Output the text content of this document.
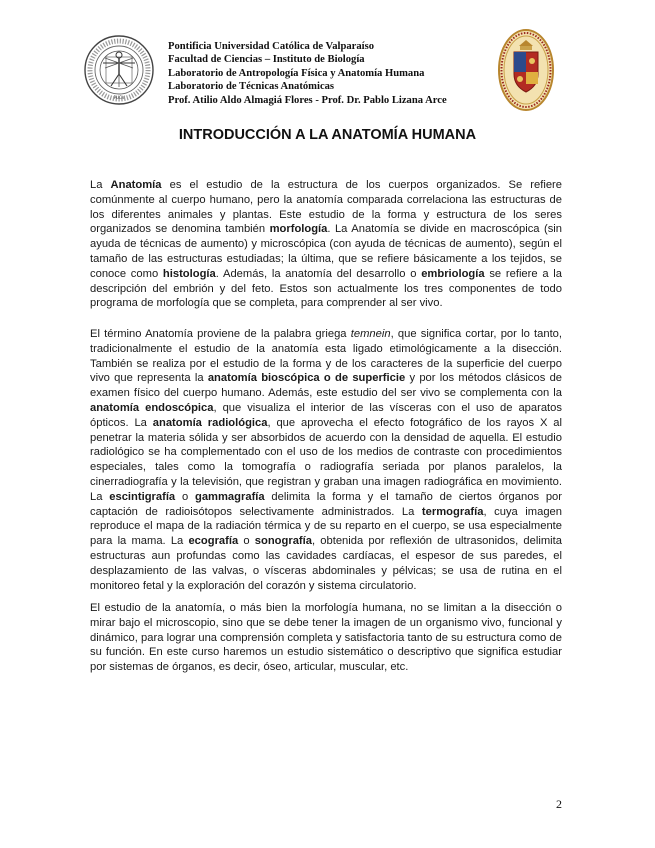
PUCV
Pontificia Universidad Católica de Valparaíso
Facultad de Ciencias – Instituto de Biología
Laboratorio de Antropología Física y Anatomía Humana
Laboratorio de Técnicas Anatómicas
Prof. Atilio Aldo Almagiá Flores - Prof. Dr. Pablo Lizana Arce
INTRODUCCIÓN A LA ANATOMÍA HUMANA
La Anatomía es el estudio de la estructura de los cuerpos organizados. Se refiere comúnmente al cuerpo humano, pero la anatomía comparada correlaciona las estructuras de los diferentes animales y plantas. Este estudio de la forma y estructura de los seres organizados se denomina también morfología. La Anatomía se divide en macroscópica (sin ayuda de técnicas de aumento) y microscópica (con ayuda de técnicas de aumento), según el tamaño de las estructuras estudiadas; la última, que se refiere básicamente a los tejidos, se conoce como histología. Además, la anatomía del desarrollo o embriología se refiere a la descripción del embrión y del feto. Estos son actualmente los tres componentes de todo programa de morfología que se completa, para comprender al ser vivo.
El término Anatomía proviene de la palabra griega temnein, que significa cortar, por lo tanto, tradicionalmente el estudio de la anatomía esta ligado etimológicamente a la disección. También se realiza por el estudio de la forma y de los caracteres de la superficie del cuerpo vivo que representa la anatomía bioscópica o de superficie y por los métodos clásicos de examen físico del cuerpo humano. Además, este estudio del ser vivo se complementa con la anatomía endoscópica, que visualiza el interior de las vísceras con el uso de aparatos ópticos. La anatomía radiológica, que aprovecha el efecto fotográfico de los rayos X al penetrar la materia sólida y ser absorbidos de acuerdo con la densidad de aquella. El estudio radiológico se ha complementado con el uso de los medios de contraste con procedimientos especiales, tales como la tomografía o radiografía seriada por planos paralelos, la cinerradiografía y la televisión, que registran y graban una imagen radiográfica en movimiento. La escintigrafía o gammagrafía delimita la forma y el tamaño de ciertos órganos por captación de radioisótopos selectivamente administrados. La termografía, cuya imagen reproduce el mapa de la radiación térmica y de su reparto en el cuerpo, se usa especialmente para la mama. La ecografía o sonografía, obtenida por reflexión de ultrasonidos, delimita estructuras aun profundas como las cavidades cardíacas, el espesor de sus paredes, el desplazamiento de las valvas, o vísceras abdominales y pélvicas; se usa de rutina en el monitoreo fetal y la exploración del corazón y sistema circulatorio.
El estudio de la anatomía, o más bien la morfología humana, no se limitan a la disección o mirar bajo el microscopio, sino que se debe tener la imagen de un organismo vivo, funcional y dinámico, para lograr una comprensión completa y satisfactoria tanto de su estructura como de su función. En este curso haremos un estudio sistemático o descriptivo que significa estudiar por sistemas de órganos, es decir, óseo, articular, muscular, etc.
2
